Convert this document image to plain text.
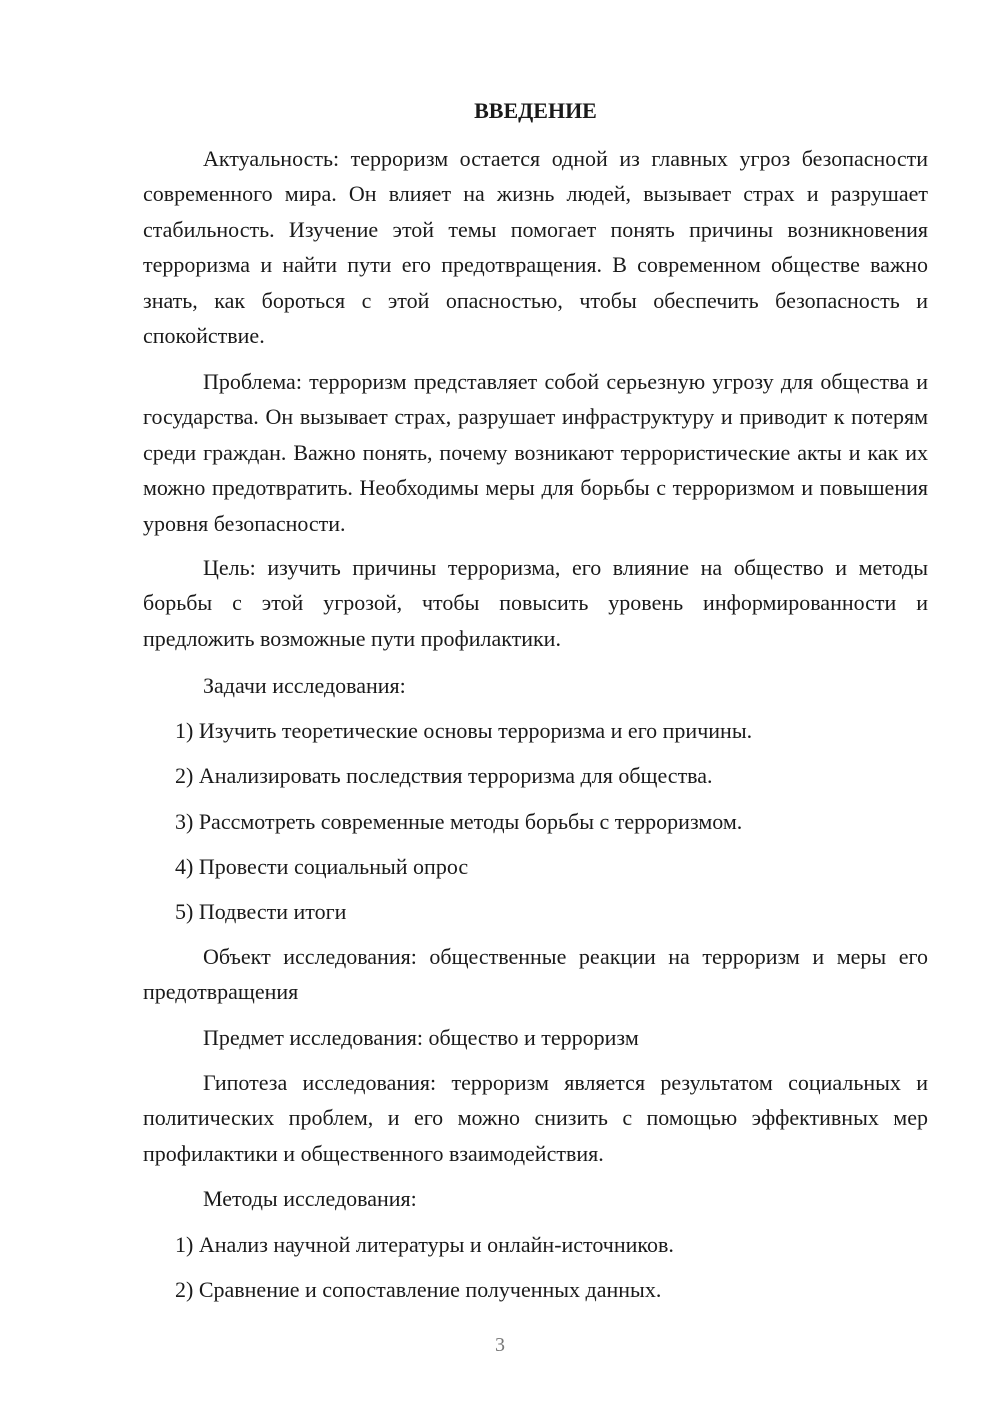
ВВЕДЕНИЕ

Актуальность: терроризм остается одной из главных угроз безопасности современного мира. Он влияет на жизнь людей, вызывает страх и разрушает стабильность. Изучение этой темы помогает понять причины возникновения терроризма и найти пути его предотвращения. В современном обществе важно знать, как бороться с этой опасностью, чтобы обеспечить безопасность и спокойствие.

Проблема: терроризм представляет собой серьезную угрозу для общества и государства. Он вызывает страх, разрушает инфраструктуру и приводит к потерям среди граждан. Важно понять, почему возникают террористические акты и как их можно предотвратить. Необходимы меры для борьбы с терроризмом и повышения уровня безопасности.

Цель: изучить причины терроризма, его влияние на общество и методы борьбы с этой угрозой, чтобы повысить уровень информированности и предложить возможные пути профилактики.

Задачи исследования:

1) Изучить теоретические основы терроризма и его причины.

2) Анализировать последствия терроризма для общества.

3) Рассмотреть современные методы борьбы с терроризмом.

4) Провести социальный опрос

5) Подвести итоги

Объект исследования: общественные реакции на терроризм и меры его предотвращения

Предмет исследования: общество и терроризм

Гипотеза исследования: терроризм является результатом социальных и политических проблем, и его можно снизить с помощью эффективных мер профилактики и общественного взаимодействия.

Методы исследования:

1) Анализ научной литературы и онлайн-источников.

2) Сравнение и сопоставление полученных данных.

3
